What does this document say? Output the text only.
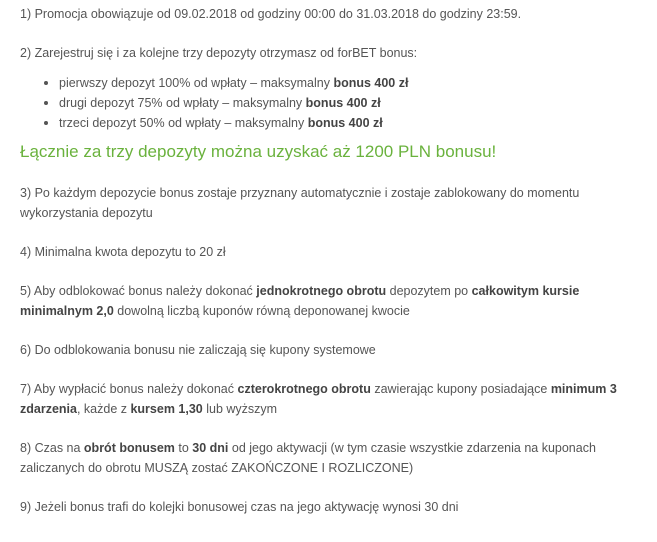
1) Promocja obowiązuje od 09.02.2018 od godziny 00:00 do 31.03.2018 do godziny 23:59.

2) Zarejestruj się i za kolejne trzy depozyty otrzymasz od forBET bonus:

pierwszy depozyt 100% od wpłaty – maksymalny bonus 400 zł
drugi depozyt 75% od wpłaty – maksymalny bonus 400 zł
trzeci depozyt 50% od wpłaty – maksymalny bonus 400 zł

Łącznie za trzy depozyty można uzyskać aż 1200 PLN bonusu!

3) Po każdym depozycie bonus zostaje przyznany automatycznie i zostaje zablokowany do momentu wykorzystania depozytu

4) Minimalna kwota depozytu to 20 zł

5) Aby odblokować bonus należy dokonać jednokrotnego obrotu depozytem po całkowitym kursie minimalnym 2,0 dowolną liczbą kuponów równą deponowanej kwocie

6) Do odblokowania bonusu nie zaliczają się kupony systemowe

7) Aby wypłacić bonus należy dokonać czterokrotnego obrotu zawierając kupony posiadające minimum 3 zdarzenia, każde z kursem 1,30 lub wyższym

8) Czas na obrót bonusem to 30 dni od jego aktywacji (w tym czasie wszystkie zdarzenia na kuponach zaliczanych do obrotu MUSZĄ zostać ZAKOŃCZONE I ROZLICZONE)

9) Jeżeli bonus trafi do kolejki bonusowej czas na jego aktywację wynosi 30 dni
